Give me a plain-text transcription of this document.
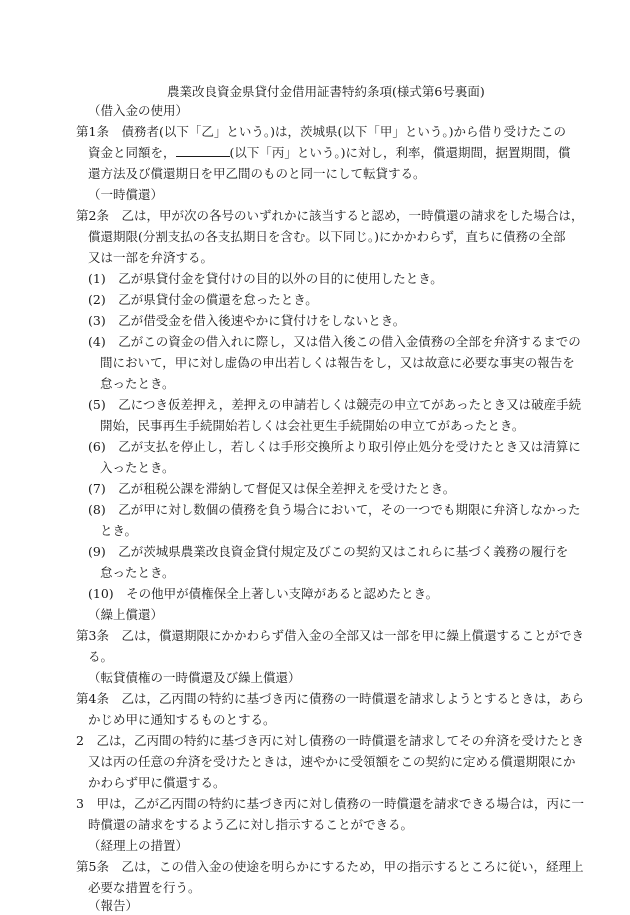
農業改良資金県貸付金借用証書特約条項(様式第6号裏面)
（借入金の使用）
第1条　債務者(以下「乙」という。)は，茨城県(以下「甲」という。)から借り受けたこの
資金と同額を，	(以下「丙」という。)に対し，利率，償還期間，据置期間，償
還方法及び償還期日を甲乙間のものと同一にして転貸する。
（一時償還）
第2条　乙は，甲が次の各号のいずれかに該当すると認め，一時償還の請求をした場合は，
償還期限(分割支払の各支払期日を含む。以下同じ。)にかかわらず，直ちに債務の全部
又は一部を弁済する。
(1)　乙が県貸付金を貸付けの目的以外の目的に使用したとき。
(2)　乙が県貸付金の償還を怠ったとき。
(3)　乙が借受金を借入後速やかに貸付けをしないとき。
(4)　乙がこの資金の借入れに際し，又は借入後この借入金債務の全部を弁済するまでの
間において，甲に対し虚偽の申出若しくは報告をし，又は故意に必要な事実の報告を
怠ったとき。
(5)　乙につき仮差押え，差押えの申請若しくは競売の申立てがあったとき又は破産手続
開始，民事再生手続開始若しくは会社更生手続開始の申立てがあったとき。
(6)　乙が支払を停止し，若しくは手形交換所より取引停止処分を受けたとき又は清算に
入ったとき。
(7)　乙が租税公課を滞納して督促又は保全差押えを受けたとき。
(8)　乙が甲に対し数個の債務を負う場合において，その一つでも期限に弁済しなかった
とき。
(9)　乙が茨城県農業改良資金貸付規定及びこの契約又はこれらに基づく義務の履行を
怠ったとき。
(10)　その他甲が債権保全上著しい支障があると認めたとき。
（繰上償還）
第3条　乙は，償還期限にかかわらず借入金の全部又は一部を甲に繰上償還することができ
る。
（転貸債権の一時償還及び繰上償還）
第4条　乙は，乙丙間の特約に基づき丙に債務の一時償還を請求しようとするときは，あら
かじめ甲に通知するものとする。
2　乙は，乙丙間の特約に基づき丙に対し債務の一時償還を請求してその弁済を受けたとき
又は丙の任意の弁済を受けたときは，速やかに受領額をこの契約に定める償還期限にか
かわらず甲に償還する。
3　甲は，乙が乙丙間の特約に基づき丙に対し債務の一時償還を請求できる場合は，丙に一
時償還の請求をするよう乙に対し指示することができる。
（経理上の措置）
第5条　乙は，この借入金の使途を明らかにするため，甲の指示するところに従い，経理上
必要な措置を行う。
（報告）
